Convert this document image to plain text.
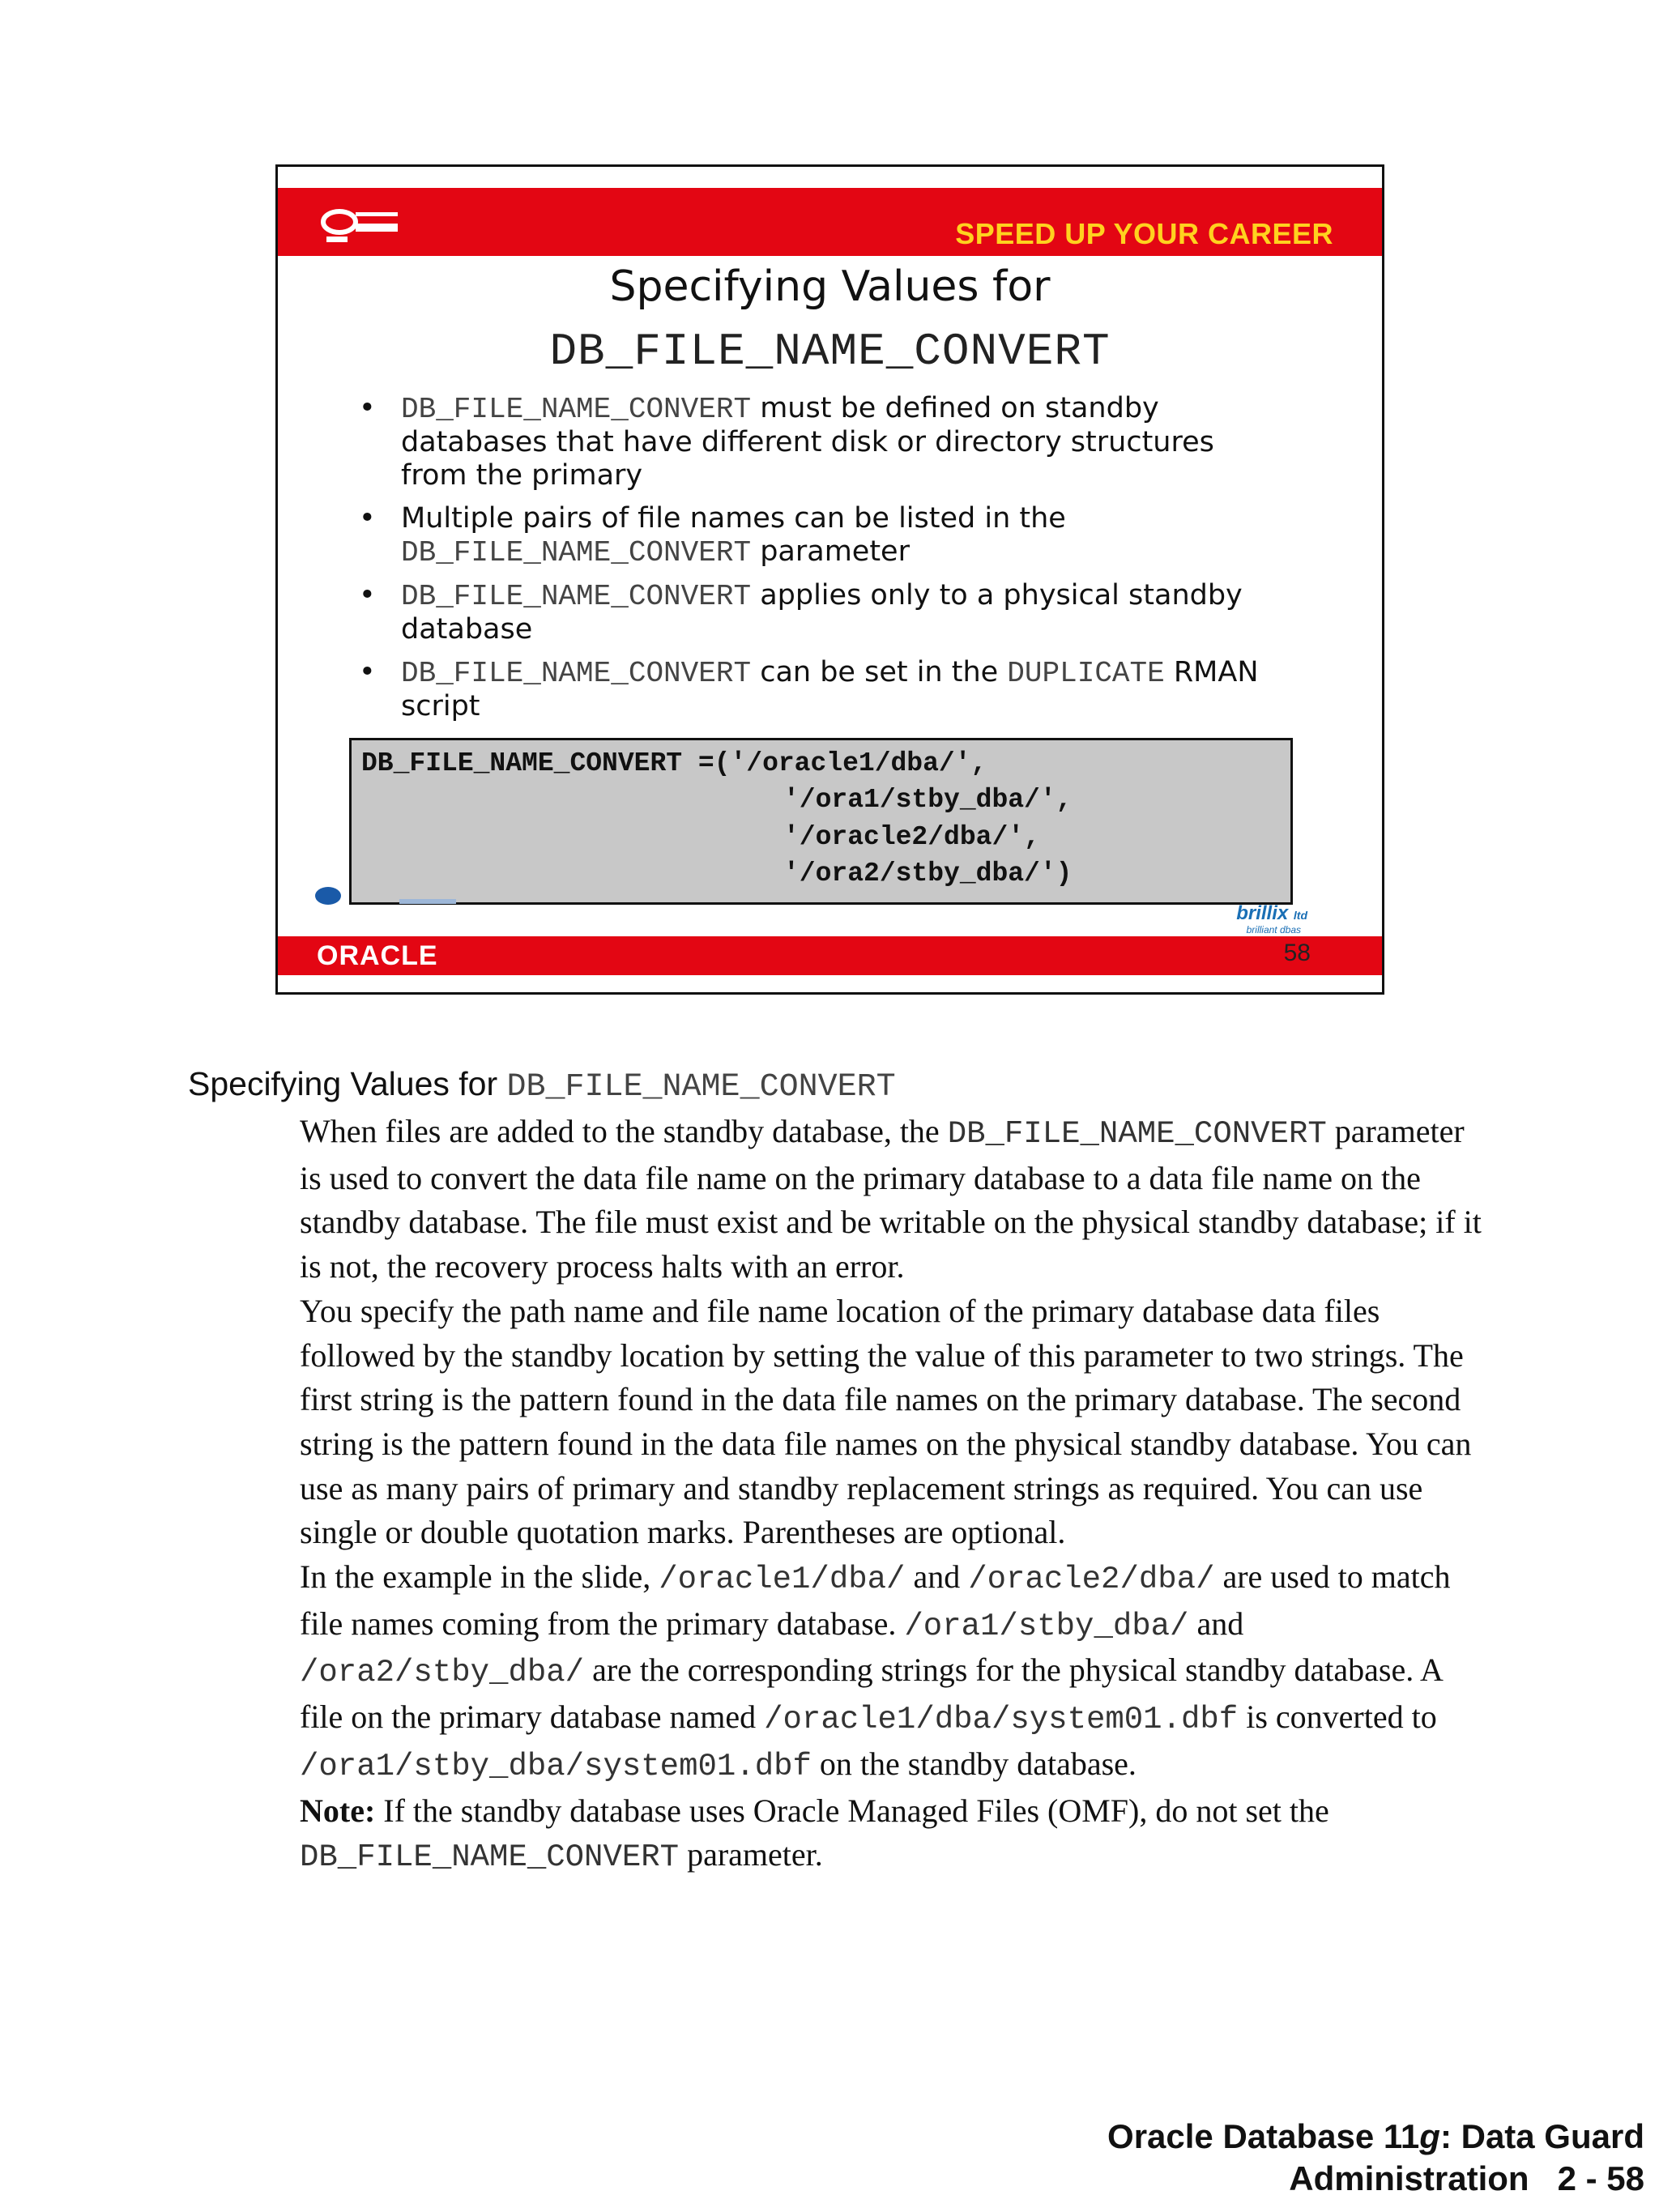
SPEED UP YOUR CAREER
Specifying Values for
DB_FILE_NAME_CONVERT
• DB_FILE_NAME_CONVERT must be defined on standby databases that have different disk or directory structures from the primary
• Multiple pairs of file names can be listed in the DB_FILE_NAME_CONVERT parameter
• DB_FILE_NAME_CONVERT applies only to a physical standby database
• DB_FILE_NAME_CONVERT can be set in the DUPLICATE RMAN script
DB_FILE_NAME_CONVERT =('/oracle1/dba/',
'/ora1/stby_dba/',
'/oracle2/dba/',
'/ora2/stby_dba/')
brillix ltd
brilliant dbas
ORACLE	58
Specifying Values for DB_FILE_NAME_CONVERT

When files are added to the standby database, the DB_FILE_NAME_CONVERT parameter is used to convert the data file name on the primary database to a data file name on the standby database. The file must exist and be writable on the physical standby database; if it is not, the recovery process halts with an error.

You specify the path name and file name location of the primary database data files followed by the standby location by setting the value of this parameter to two strings. The first string is the pattern found in the data file names on the primary database. The second string is the pattern found in the data file names on the physical standby database. You can use as many pairs of primary and standby replacement strings as required. You can use single or double quotation marks. Parentheses are optional.

In the example in the slide, /oracle1/dba/ and /oracle2/dba/ are used to match file names coming from the primary database. /ora1/stby_dba/ and /ora2/stby_dba/ are the corresponding strings for the physical standby database. A file on the primary database named /oracle1/dba/system01.dbf is converted to /ora1/stby_dba/system01.dbf on the standby database.

Note: If the standby database uses Oracle Managed Files (OMF), do not set the DB_FILE_NAME_CONVERT parameter.

Oracle Database 11g: Data Guard
Administration 2 - 58
